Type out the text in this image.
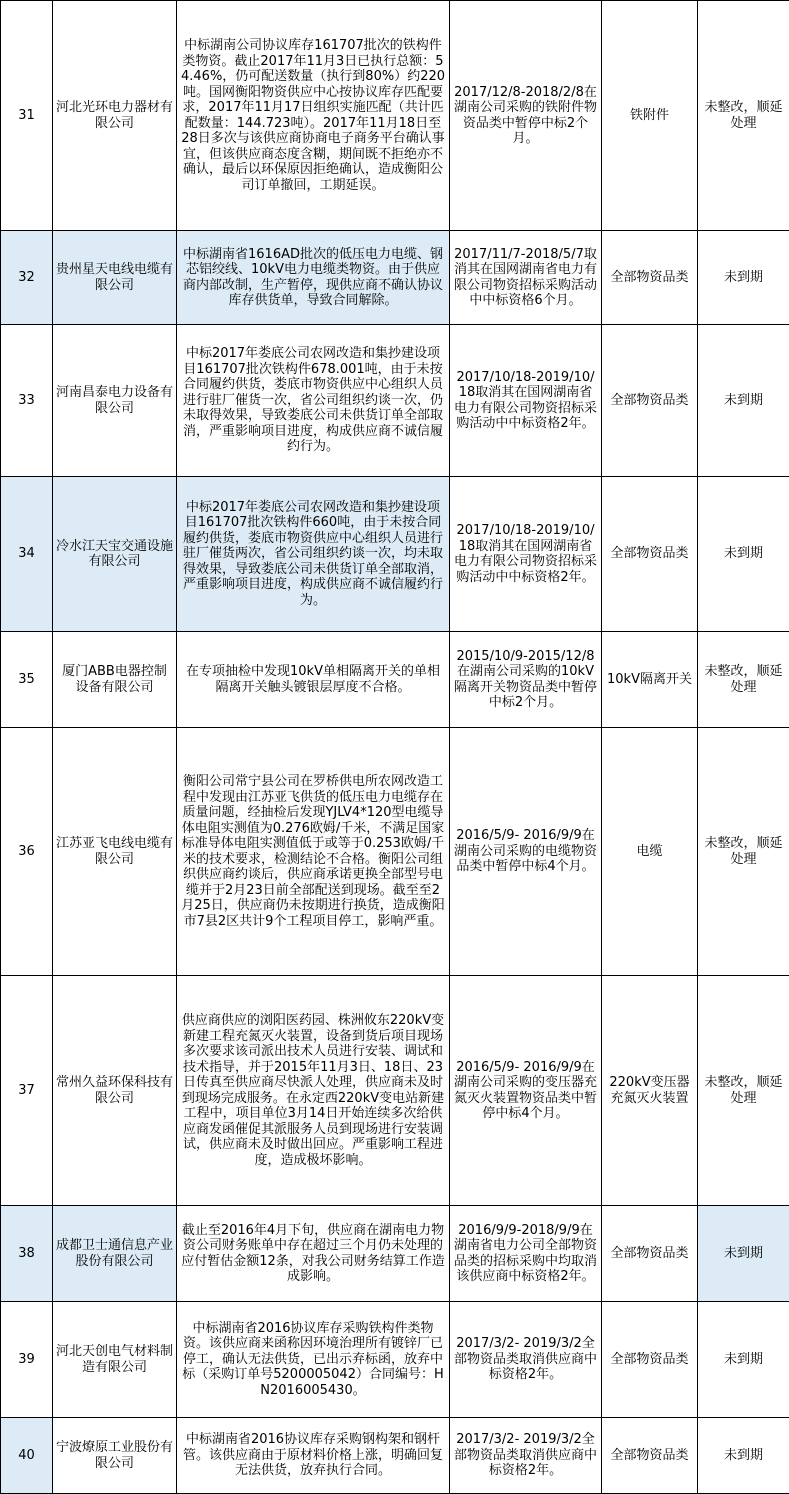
31	河北光环电力器材有限公司	中标湖南公司协议库存161707批次的铁构件类物资。截止2017年11月3日已执行总额：54.46%，仍可配送数量（执行到80%）约220吨。国网衡阳物资供应中心按协议库存匹配要求，2017年11月17日组织实施匹配（共计匹配数量：144.723吨）。2017年11月18日至28日多次与该供应商协商电子商务平台确认事宜，但该供应商态度含糊，期间既不拒绝亦不确认，最后以环保原因拒绝确认，造成衡阳公司订单撤回，工期延误。	2017/12/8-2018/2/8在湖南公司采购的铁附件物资品类中暂停中标2个月。	铁附件	未整改，顺延处理
32	贵州星天电线电缆有限公司	中标湖南省1616AD批次的低压电力电缆、钢芯铝绞线、10kV电力电缆类物资。由于供应商内部改制，生产暂停，现供应商不确认协议库存供货单，导致合同解除。	2017/11/7-2018/5/7取消其在国网湖南省电力有限公司物资招标采购活动中中标资格6个月。	全部物资品类	未到期
33	河南昌泰电力设备有限公司	中标2017年娄底公司农网改造和集抄建设项目161707批次铁构件678.001吨，由于未按合同履约供货，娄底市物资供应中心组织人员进行驻厂催货一次，省公司组织约谈一次，仍未取得效果，导致娄底公司未供货订单全部取消，严重影响项目进度，构成供应商不诚信履约行为。	2017/10/18-2019/10/18取消其在国网湖南省电力有限公司物资招标采购活动中中标资格2年。	全部物资品类	未到期
34	冷水江天宝交通设施有限公司	中标2017年娄底公司农网改造和集抄建设项目161707批次铁构件660吨，由于未按合同履约供货，娄底市物资供应中心组织人员进行驻厂催货两次，省公司组织约谈一次，均未取得效果，导致娄底公司未供货订单全部取消，严重影响项目进度，构成供应商不诚信履约行为。	2017/10/18-2019/10/18取消其在国网湖南省电力有限公司物资招标采购活动中中标资格2年。	全部物资品类	未到期
35	厦门ABB电器控制设备有限公司	在专项抽检中发现10kV单相隔离开关的单相隔离开关触头镀银层厚度不合格。	2015/10/9-2015/12/8在湖南公司采购的10kV隔离开关物资品类中暂停中标2个月。	10kV隔离开关	未整改，顺延处理
36	江苏亚飞电线电缆有限公司	衡阳公司常宁县公司在罗桥供电所农网改造工程中发现由江苏亚飞供货的低压电力电缆存在质量问题，经抽检后发现YJLV4*120型电缆导体电阻实测值为0.276欧姆/千米，不满足国家标准导体电阻实测值低于或等于0.253欧姆/千米的技术要求，检测结论不合格。衡阳公司组织供应商约谈后，供应商承诺更换全部型号电缆并于2月23日前全部配送到现场。截至至2月25日，供应商仍未按期进行换货，造成衡阳市7县2区共计9个工程项目停工，影响严重。	2016/5/9- 2016/9/9在湖南公司采购的电缆物资品类中暂停中标4个月。	电缆	未整改，顺延处理
37	常州久益环保科技有限公司	供应商供应的浏阳医药园、株洲攸东220kV变新建工程充氮灭火装置，设备到货后项目现场多次要求该司派出技术人员进行安装、调试和技术指导，并于2015年11月3日、18日、23日传真至供应商尽快派人处理，供应商未及时到现场完成服务。在永定西220kV变电站新建工程中，项目单位3月14日开始连续多次给供应商发函催促其派服务人员到现场进行安装调试，供应商未及时做出回应。严重影响工程进度，造成极坏影响。	2016/5/9- 2016/9/9在湖南公司采购的变压器充氮灭火装置物资品类中暂停中标4个月。	220kV变压器充氮灭火装置	未整改，顺延处理
38	成都卫士通信息产业股份有限公司	截止至2016年4月下旬，供应商在湖南电力物资公司财务账单中存在超过三个月仍未处理的应付暂估金额12条，对我公司财务结算工作造成影响。	2016/9/9-2018/9/9在湖南省电力公司全部物资品类的招标采购中均取消该供应商中标资格2年。	全部物资品类	未到期
39	河北天创电气材料制造有限公司	中标湖南省2016协议库存采购铁构件类物资。该供应商来函称因环境治理所有镀锌厂已停工，确认无法供货，已出示弃标函，放弃中标（采购订单号5200005042）合同编号：HN2016005430。	2017/3/2- 2019/3/2全部物资品类取消供应商中标资格2年。	全部物资品类	未到期
40	宁波燎原工业股份有限公司	中标湖南省2016协议库存采购钢构架和钢杆管。该供应商由于原材料价格上涨，明确回复无法供货，放弃执行合同。	2017/3/2- 2019/3/2全部物资品类取消供应商中标资格2年。	全部物资品类	未到期
